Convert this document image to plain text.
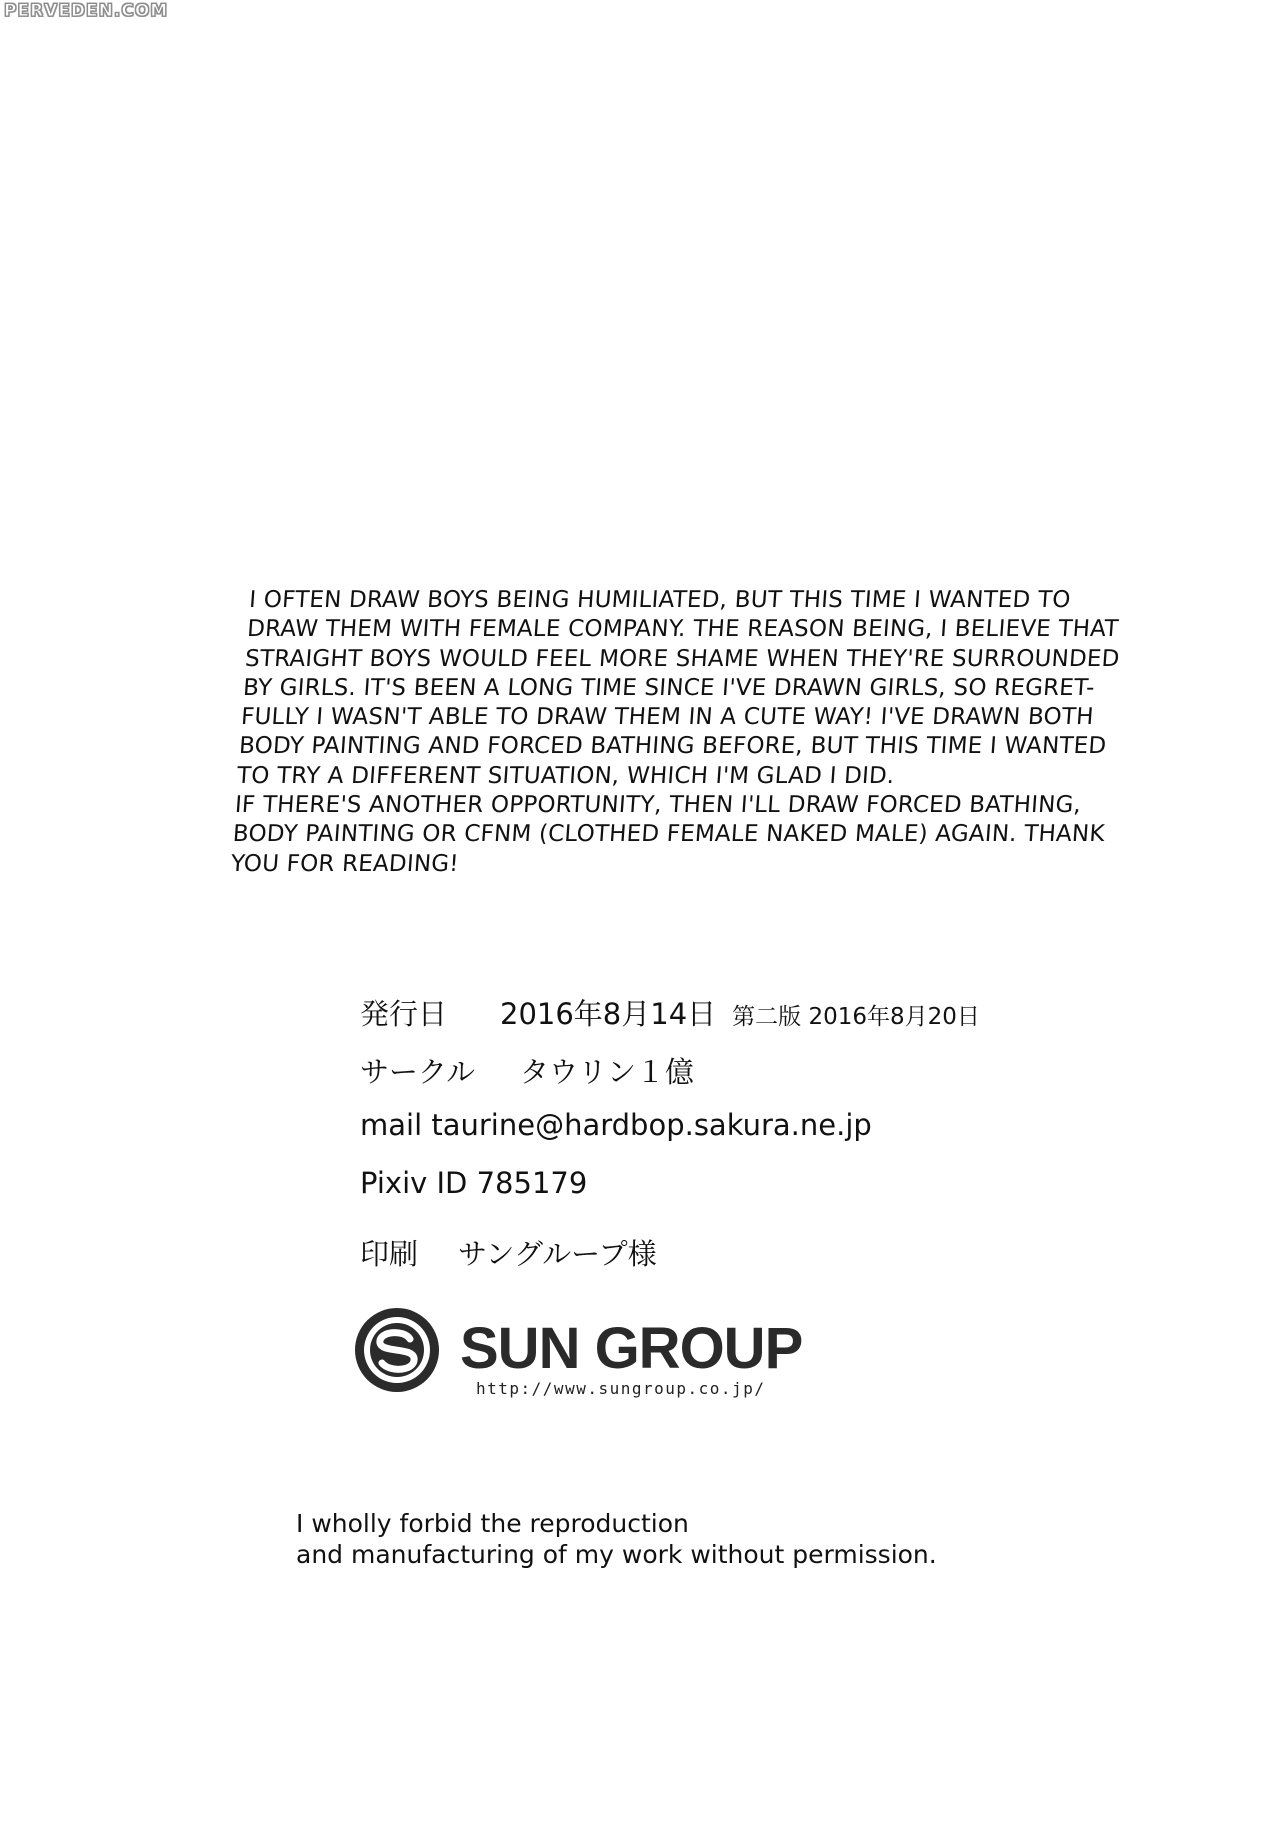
PERVEDEN.COM
I OFTEN DRAW BOYS BEING HUMILIATED, BUT THIS TIME I WANTED TO
DRAW THEM WITH FEMALE COMPANY. THE REASON BEING, I BELIEVE THAT
STRAIGHT BOYS WOULD FEEL MORE SHAME WHEN THEY'RE SURROUNDED
BY GIRLS. IT'S BEEN A LONG TIME SINCE I'VE DRAWN GIRLS, SO REGRET-
FULLY I WASN'T ABLE TO DRAW THEM IN A CUTE WAY! I'VE DRAWN BOTH
BODY PAINTING AND FORCED BATHING BEFORE, BUT THIS TIME I WANTED
TO TRY A DIFFERENT SITUATION, WHICH I'M GLAD I DID.
IF THERE'S ANOTHER OPPORTUNITY, THEN I'LL DRAW FORCED BATHING,
BODY PAINTING OR CFNM (CLOTHED FEMALE NAKED MALE) AGAIN. THANK
YOU FOR READING!
発行日 2016年8月14日 第二版 2016年8月20日
サークル タウリン１億
mail taurine@hardbop.sakura.ne.jp
Pixiv ID 785179
印刷 サングループ様
SUN GROUP
http://www.sungroup.co.jp/
I wholly forbid the reproduction
and manufacturing of my work without permission.
